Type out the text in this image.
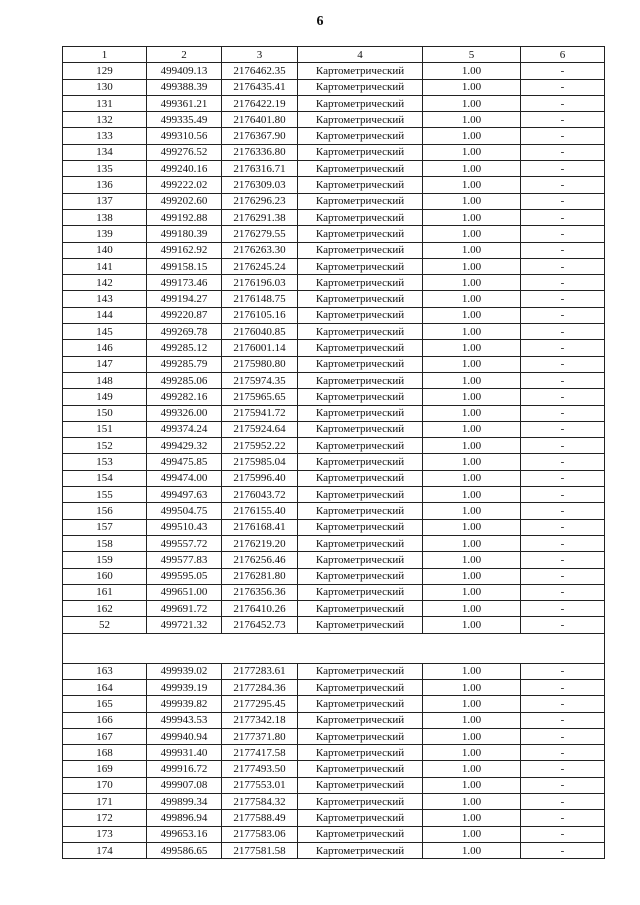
6
1	2	3	4	5	6
129	499409.13	2176462.35	Картометрический	1.00	-
130	499388.39	2176435.41	Картометрический	1.00	-
131	499361.21	2176422.19	Картометрический	1.00	-
132	499335.49	2176401.80	Картометрический	1.00	-
133	499310.56	2176367.90	Картометрический	1.00	-
134	499276.52	2176336.80	Картометрический	1.00	-
135	499240.16	2176316.71	Картометрический	1.00	-
136	499222.02	2176309.03	Картометрический	1.00	-
137	499202.60	2176296.23	Картометрический	1.00	-
138	499192.88	2176291.38	Картометрический	1.00	-
139	499180.39	2176279.55	Картометрический	1.00	-
140	499162.92	2176263.30	Картометрический	1.00	-
141	499158.15	2176245.24	Картометрический	1.00	-
142	499173.46	2176196.03	Картометрический	1.00	-
143	499194.27	2176148.75	Картометрический	1.00	-
144	499220.87	2176105.16	Картометрический	1.00	-
145	499269.78	2176040.85	Картометрический	1.00	-
146	499285.12	2176001.14	Картометрический	1.00	-
147	499285.79	2175980.80	Картометрический	1.00	-
148	499285.06	2175974.35	Картометрический	1.00	-
149	499282.16	2175965.65	Картометрический	1.00	-
150	499326.00	2175941.72	Картометрический	1.00	-
151	499374.24	2175924.64	Картометрический	1.00	-
152	499429.32	2175952.22	Картометрический	1.00	-
153	499475.85	2175985.04	Картометрический	1.00	-
154	499474.00	2175996.40	Картометрический	1.00	-
155	499497.63	2176043.72	Картометрический	1.00	-
156	499504.75	2176155.40	Картометрический	1.00	-
157	499510.43	2176168.41	Картометрический	1.00	-
158	499557.72	2176219.20	Картометрический	1.00	-
159	499577.83	2176256.46	Картометрический	1.00	-
160	499595.05	2176281.80	Картометрический	1.00	-
161	499651.00	2176356.36	Картометрический	1.00	-
162	499691.72	2176410.26	Картометрический	1.00	-
52	499721.32	2176452.73	Картометрический	1.00	-

163	499939.02	2177283.61	Картометрический	1.00	-
164	499939.19	2177284.36	Картометрический	1.00	-
165	499939.82	2177295.45	Картометрический	1.00	-
166	499943.53	2177342.18	Картометрический	1.00	-
167	499940.94	2177371.80	Картометрический	1.00	-
168	499931.40	2177417.58	Картометрический	1.00	-
169	499916.72	2177493.50	Картометрический	1.00	-
170	499907.08	2177553.01	Картометрический	1.00	-
171	499899.34	2177584.32	Картометрический	1.00	-
172	499896.94	2177588.49	Картометрический	1.00	-
173	499653.16	2177583.06	Картометрический	1.00	-
174	499586.65	2177581.58	Картометрический	1.00	-
